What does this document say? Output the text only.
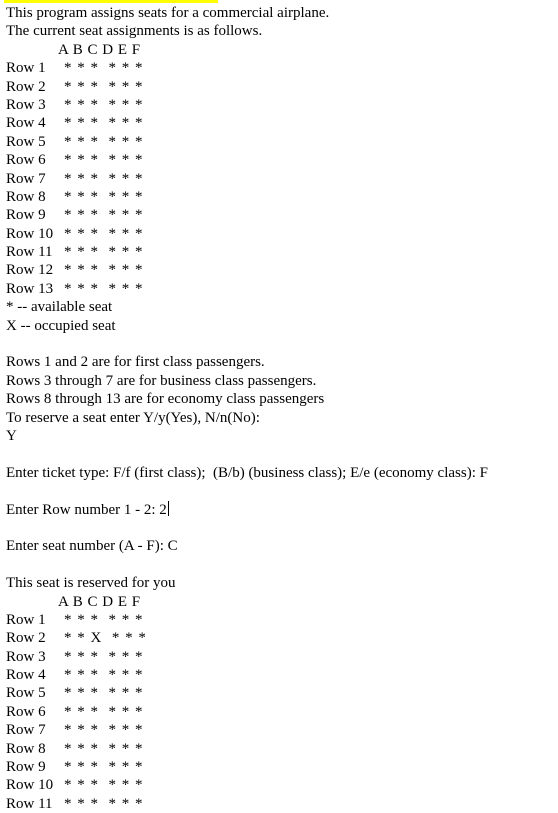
This program assigns seats for a commercial airplane.
The current seat assignments is as follows.
A B C D E F
Row 1 * * *  * * *
Row 2 * * *  * * *
Row 3 * * *  * * *
Row 4 * * *  * * *
Row 5 * * *  * * *
Row 6 * * *  * * *
Row 7 * * *  * * *
Row 8 * * *  * * *
Row 9 * * *  * * *
Row 10 * * *  * * *
Row 11 * * *  * * *
Row 12 * * *  * * *
Row 13 * * *  * * *
* -- available seat
X -- occupied seat
Rows 1 and 2 are for first class passengers.
Rows 3 through 7 are for business class passengers.
Rows 8 through 13 are for economy class passengers
To reserve a seat enter Y/y(Yes), N/n(No):
Y
Enter ticket type: F/f (first class);  (B/b) (business class); E/e (economy class): F
Enter Row number 1 - 2: 2
Enter seat number (A - F): C
This seat is reserved for you
A B C D E F
Row 1 * * *  * * *
Row 2 * * X  * * *
Row 3 * * *  * * *
Row 4 * * *  * * *
Row 5 * * *  * * *
Row 6 * * *  * * *
Row 7 * * *  * * *
Row 8 * * *  * * *
Row 9 * * *  * * *
Row 10 * * *  * * *
Row 11 * * *  * * *
